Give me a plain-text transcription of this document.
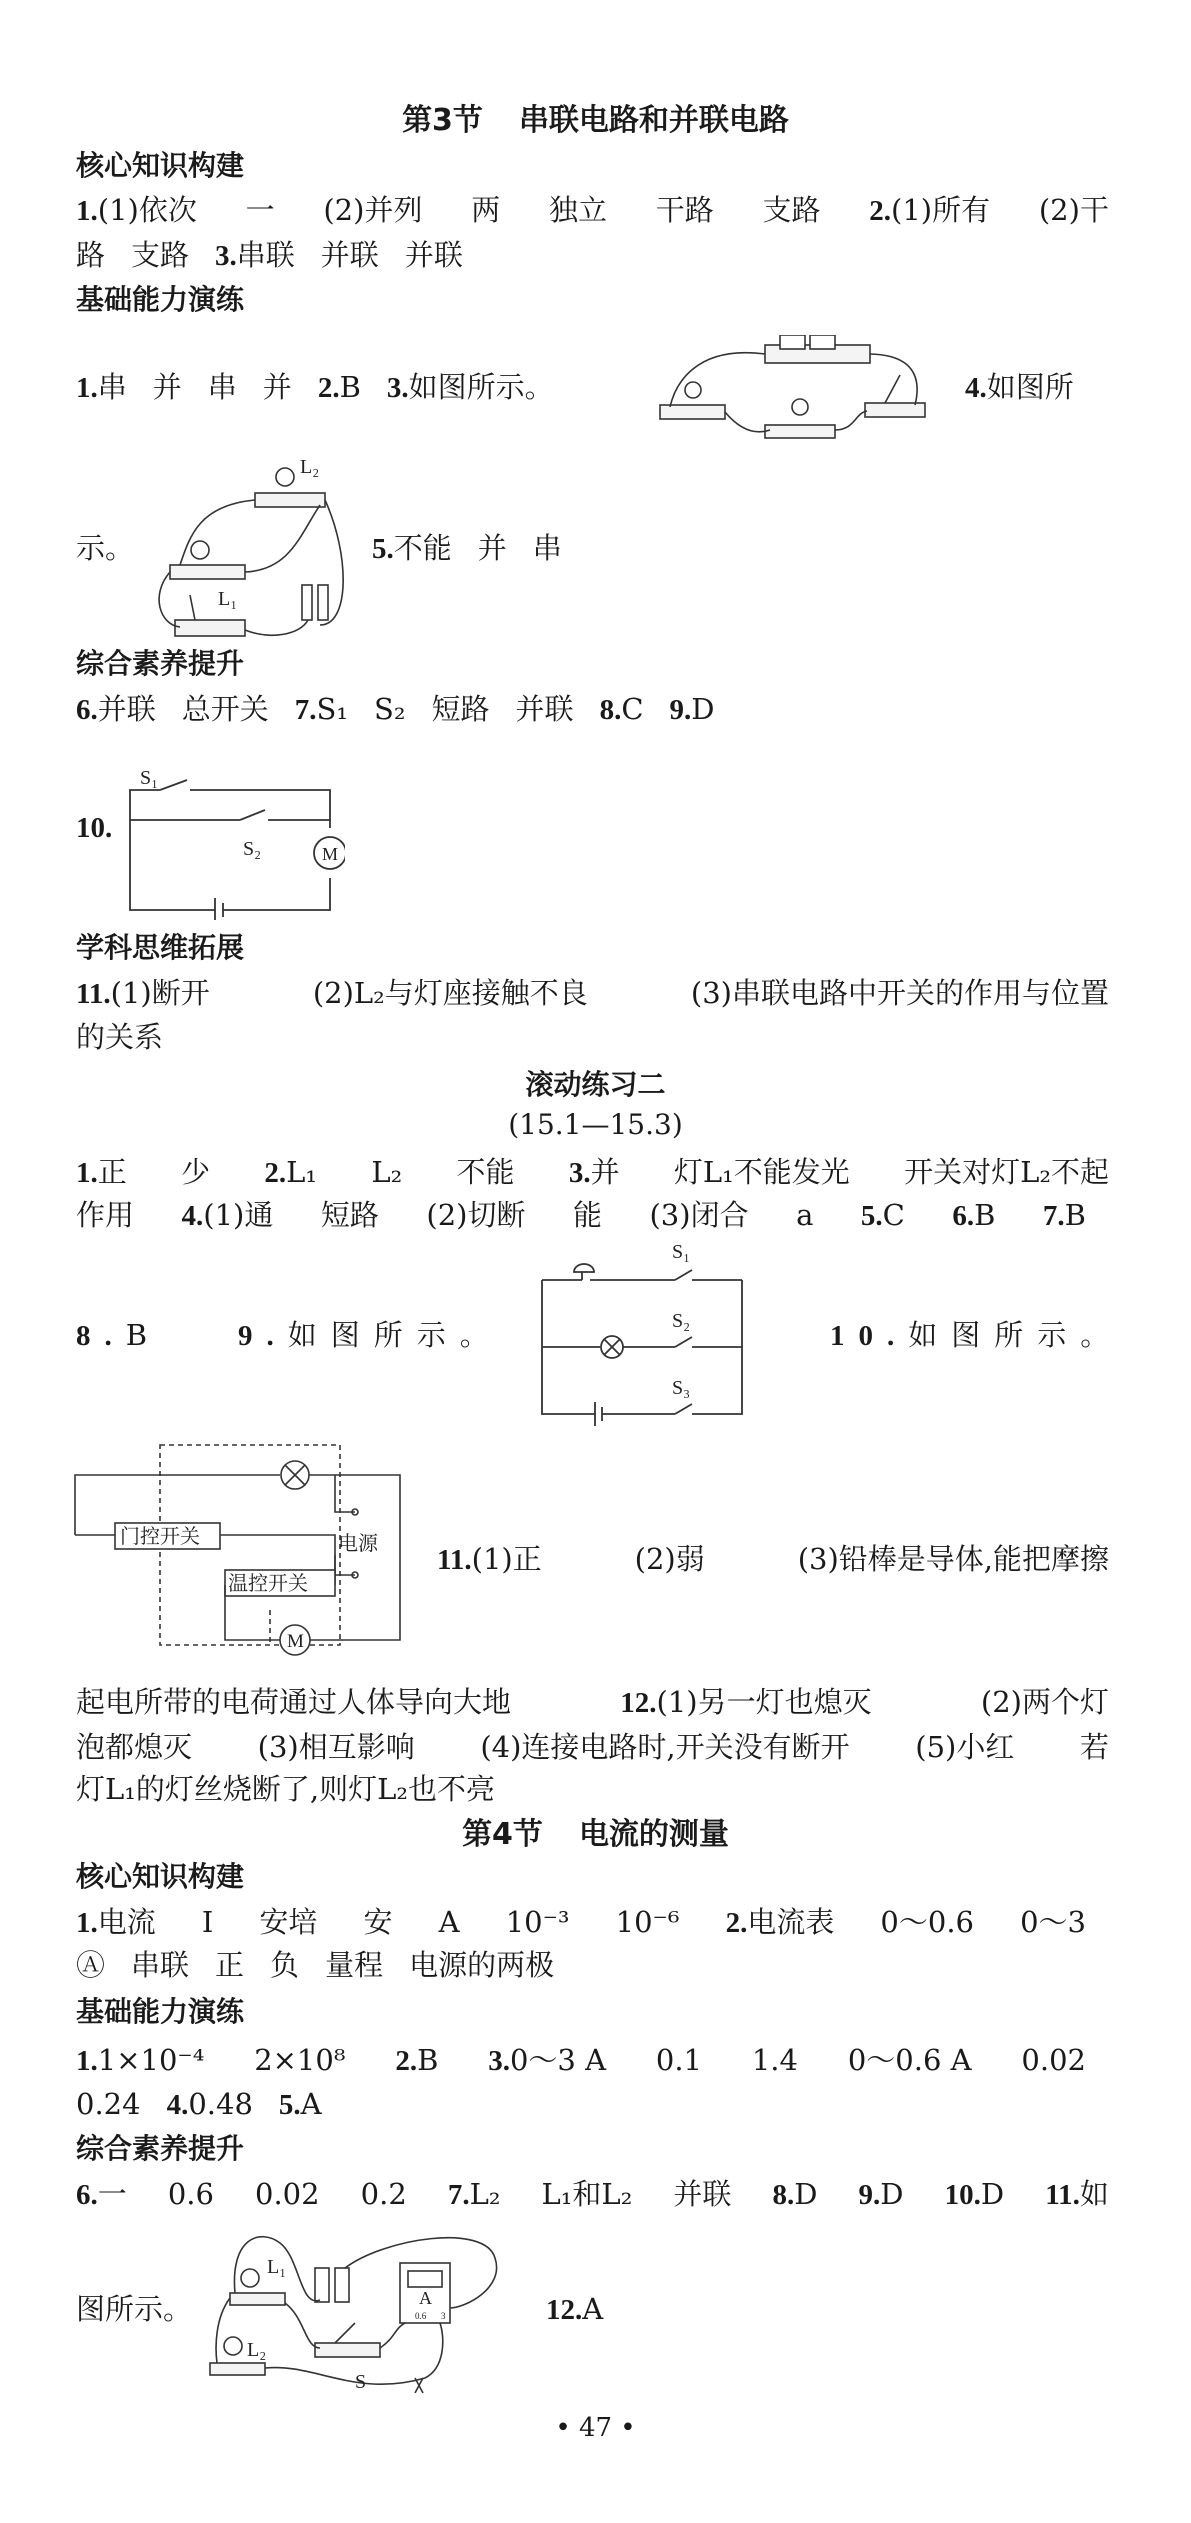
第3节 串联电路和并联电路
核心知识构建
1.(1)依次 一 (2)并列 两 独立 干路 支路 2.(1)所有 (2)干
路 支路 3.串联 并联 并联
基础能力演练
1.串 并 串 并 2.B 3.如图所示。	4.如图所
示。
L₂
L₁
5.不能 并 串
综合素养提升
6.并联 总开关 7.S₁ S₂ 短路 并联 8.C 9.D
10.
S₁
S₂	M
学科思维拓展
11.(1)断开	(2)L₂与灯座接触不良	(3)串联电路中开关的作用与位置
的关系
滚动练习二
(15.1—15.3)
1.正 少 2.L₁ L₂ 不能 3.并 灯L₁不能发光 开关对灯L₂不起
作用 4.(1)通 短路 (2)切断 能 (3)闭合 a 5.C 6.B 7.B
8.B	9.如图所示。
S₁
S₂
S₃
10.如图所示。
门控开关	电源
温控开关
M
11.(1)正	(2)弱	(3)铅棒是导体,能把摩擦
起电所带的电荷通过人体导向大地	12.(1)另一灯也熄灭	(2)两个灯
泡都熄灭 (3)相互影响 (4)连接电路时,开关没有断开 (5)小红 若
灯L₁的灯丝烧断了,则灯L₂也不亮
第4节 电流的测量
核心知识构建
1.电流 I 安培 安 A 10⁻³ 10⁻⁶ 2.电流表 0～0.6 0～3
Ⓐ 串联 正 负 量程 电源的两极
基础能力演练
1.1×10⁻⁴ 2×10⁸ 2.B 3.0～3 A 0.1 1.4 0～0.6 A 0.02
0.24 4.0.48 5.A
综合素养提升
6.一 0.6 0.02 0.2 7.L₂ L₁和L₂ 并联 8.D 9.D 10.D 11.如
图所示。
L₁
L₂
A
0.6 3
S
12.A
• 47 •
